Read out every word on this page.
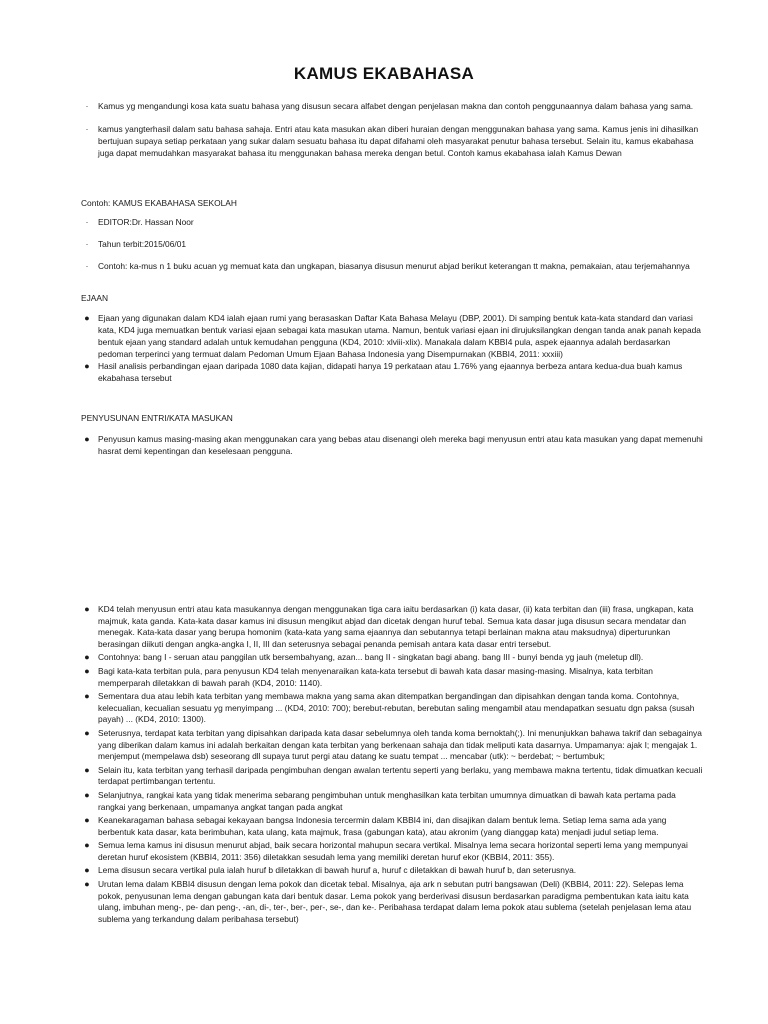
KAMUS EKABAHASA
·	Kamus yg mengandungi kosa kata suatu bahasa yang disusun secara alfabet dengan penjelasan makna dan contoh penggunaannya dalam bahasa yang sama.

·	kamus yangterhasil dalam satu bahasa sahaja. Entri atau kata masukan akan diberi huraian dengan menggunakan bahasa yang sama. Kamus jenis ini dihasilkan bertujuan supaya setiap perkataan yang sukar dalam sesuatu bahasa itu dapat difahami oleh masyarakat penutur bahasa tersebut. Selain itu, kamus ekabahasa juga dapat memudahkan masyarakat bahasa itu menggunakan bahasa mereka dengan betul. Contoh kamus ekabahasa ialah Kamus Dewan

Contoh: KAMUS EKABAHASA SEKOLAH
·	EDITOR:Dr. Hassan Noor

·	Tahun terbit:2015/06/01

·	Contoh: ka-mus n 1 buku acuan yg memuat kata dan ungkapan, biasanya disusun menurut abjad berikut keterangan tt makna, pemakaian, atau terjemahannya

EJAAN
● Ejaan yang digunakan dalam KD4 ialah ejaan rumi yang berasaskan Daftar Kata Bahasa Melayu (DBP, 2001). Di samping bentuk kata-kata standard dan variasi kata, KD4 juga memuatkan bentuk variasi ejaan sebagai kata masukan utama. Namun, bentuk variasi ejaan ini dirujuksilangkan dengan tanda anak panah kepada bentuk ejaan yang standard adalah untuk kemudahan pengguna (KD4, 2010: xlviii-xlix). Manakala dalam KBBI4 pula, aspek ejaannya adalah berdasarkan pedoman terperinci yang termuat dalam Pedoman Umum Ejaan Bahasa Indonesia yang Disempurnakan (KBBI4, 2011: xxxiii)

● Hasil analisis perbandingan ejaan daripada 1080 data kajian, didapati hanya 19 perkataan atau 1.76% yang ejaannya berbeza antara kedua-dua buah kamus ekabahasa tersebut

PENYUSUNAN ENTRI/KATA MASUKAN
● Penyusun kamus masing-masing akan menggunakan cara yang bebas atau disenangi oleh mereka bagi menyusun entri atau kata masukan yang dapat memenuhi hasrat demi kepentingan dan keselesaan pengguna.

● KD4 telah menyusun entri atau kata masukannya dengan menggunakan tiga cara iaitu berdasarkan (i) kata dasar, (ii) kata terbitan dan (iii) frasa, ungkapan, kata majmuk, kata ganda. Kata-kata dasar kamus ini disusun mengikut abjad dan dicetak dengan huruf tebal. Semua kata dasar juga disusun secara mendatar dan menegak. Kata-kata dasar yang berupa homonim (kata-kata yang sama ejaannya dan sebutannya tetapi berlainan makna atau maksudnya) diperturunkan berasingan diikuti dengan angka-angka I, II, III dan seterusnya sebagai penanda pemisah antara kata dasar entri tersebut.

● Contohnya: bang I - seruan atau panggilan utk bersembahyang, azan... bang II - singkatan bagi abang. bang III - bunyi benda yg jauh (meletup dll).

● Bagi kata-kata terbitan pula, para penyusun KD4 telah menyenaraikan kata-kata tersebut di bawah kata dasar masing-masing. Misalnya, kata terbitan memperparah diletakkan di bawah parah (KD4, 2010: 1140).

● Sementara dua atau lebih kata terbitan yang membawa makna yang sama akan ditempatkan bergandingan dan dipisahkan dengan tanda koma. Contohnya, kelecualian, kecualian sesuatu yg menyimpang ... (KD4, 2010: 700); berebut-rebutan, berebutan saling mengambil atau mendapatkan sesuatu dgn paksa (susah payah) ... (KD4, 2010: 1300).

● Seterusnya, terdapat kata terbitan yang dipisahkan daripada kata dasar sebelumnya oleh tanda koma bernoktah(;). Ini menunjukkan bahawa takrif dan sebagainya yang diberikan dalam kamus ini adalah berkaitan dengan kata terbitan yang berkenaan sahaja dan tidak meliputi kata dasarnya. Umpamanya: ajak I; mengajak 1. menjemput (mempelawa dsb) seseorang dll supaya turut pergi atau datang ke suatu tempat ... mencabar (utk): ~ berdebat; ~ bertumbuk;

● Selain itu, kata terbitan yang terhasil daripada pengimbuhan dengan awalan tertentu seperti yang berlaku, yang membawa makna tertentu, tidak dimuatkan kecuali terdapat pertimbangan tertentu.

● Selanjutnya, rangkai kata yang tidak menerima sebarang pengimbuhan untuk menghasilkan kata terbitan umumnya dimuatkan di bawah kata pertama pada rangkai yang berkenaan, umpamanya angkat tangan pada angkat

● Keanekaragaman bahasa sebagai kekayaan bangsa Indonesia tercermin dalam KBBI4 ini, dan disajikan dalam bentuk lema. Setiap lema sama ada yang berbentuk kata dasar, kata berimbuhan, kata ulang, kata majmuk, frasa (gabungan kata), atau akronim (yang dianggap kata) menjadi judul setiap lema.

● Semua lema kamus ini disusun menurut abjad, baik secara horizontal mahupun secara vertikal. Misalnya lema secara horizontal seperti lema yang mempunyai deretan huruf ekosistem (KBBI4, 2011: 356) diletakkan sesudah lema yang memiliki deretan huruf ekor (KBBI4, 2011: 355).

● Lema disusun secara vertikal pula ialah huruf b diletakkan di bawah huruf a, huruf c diletakkan di bawah huruf b, dan seterusnya.

● Urutan lema dalam KBBI4 disusun dengan lema pokok dan dicetak tebal. Misalnya, aja ark n sebutan putri bangsawan (Deli) (KBBI4, 2011: 22). Selepas lema pokok, penyusunan lema dengan gabungan kata dari bentuk dasar. Lema pokok yang berderivasi disusun berdasarkan paradigma pembentukan kata iaitu kata ulang, imbuhan meng-, pe- dan peng-, -an, di-, ter-, ber-, per-, se-, dan ke-. Peribahasa terdapat dalam lema pokok atau sublema (setelah penjelasan lema atau sublema yang terkandung dalam peribahasa tersebut)
